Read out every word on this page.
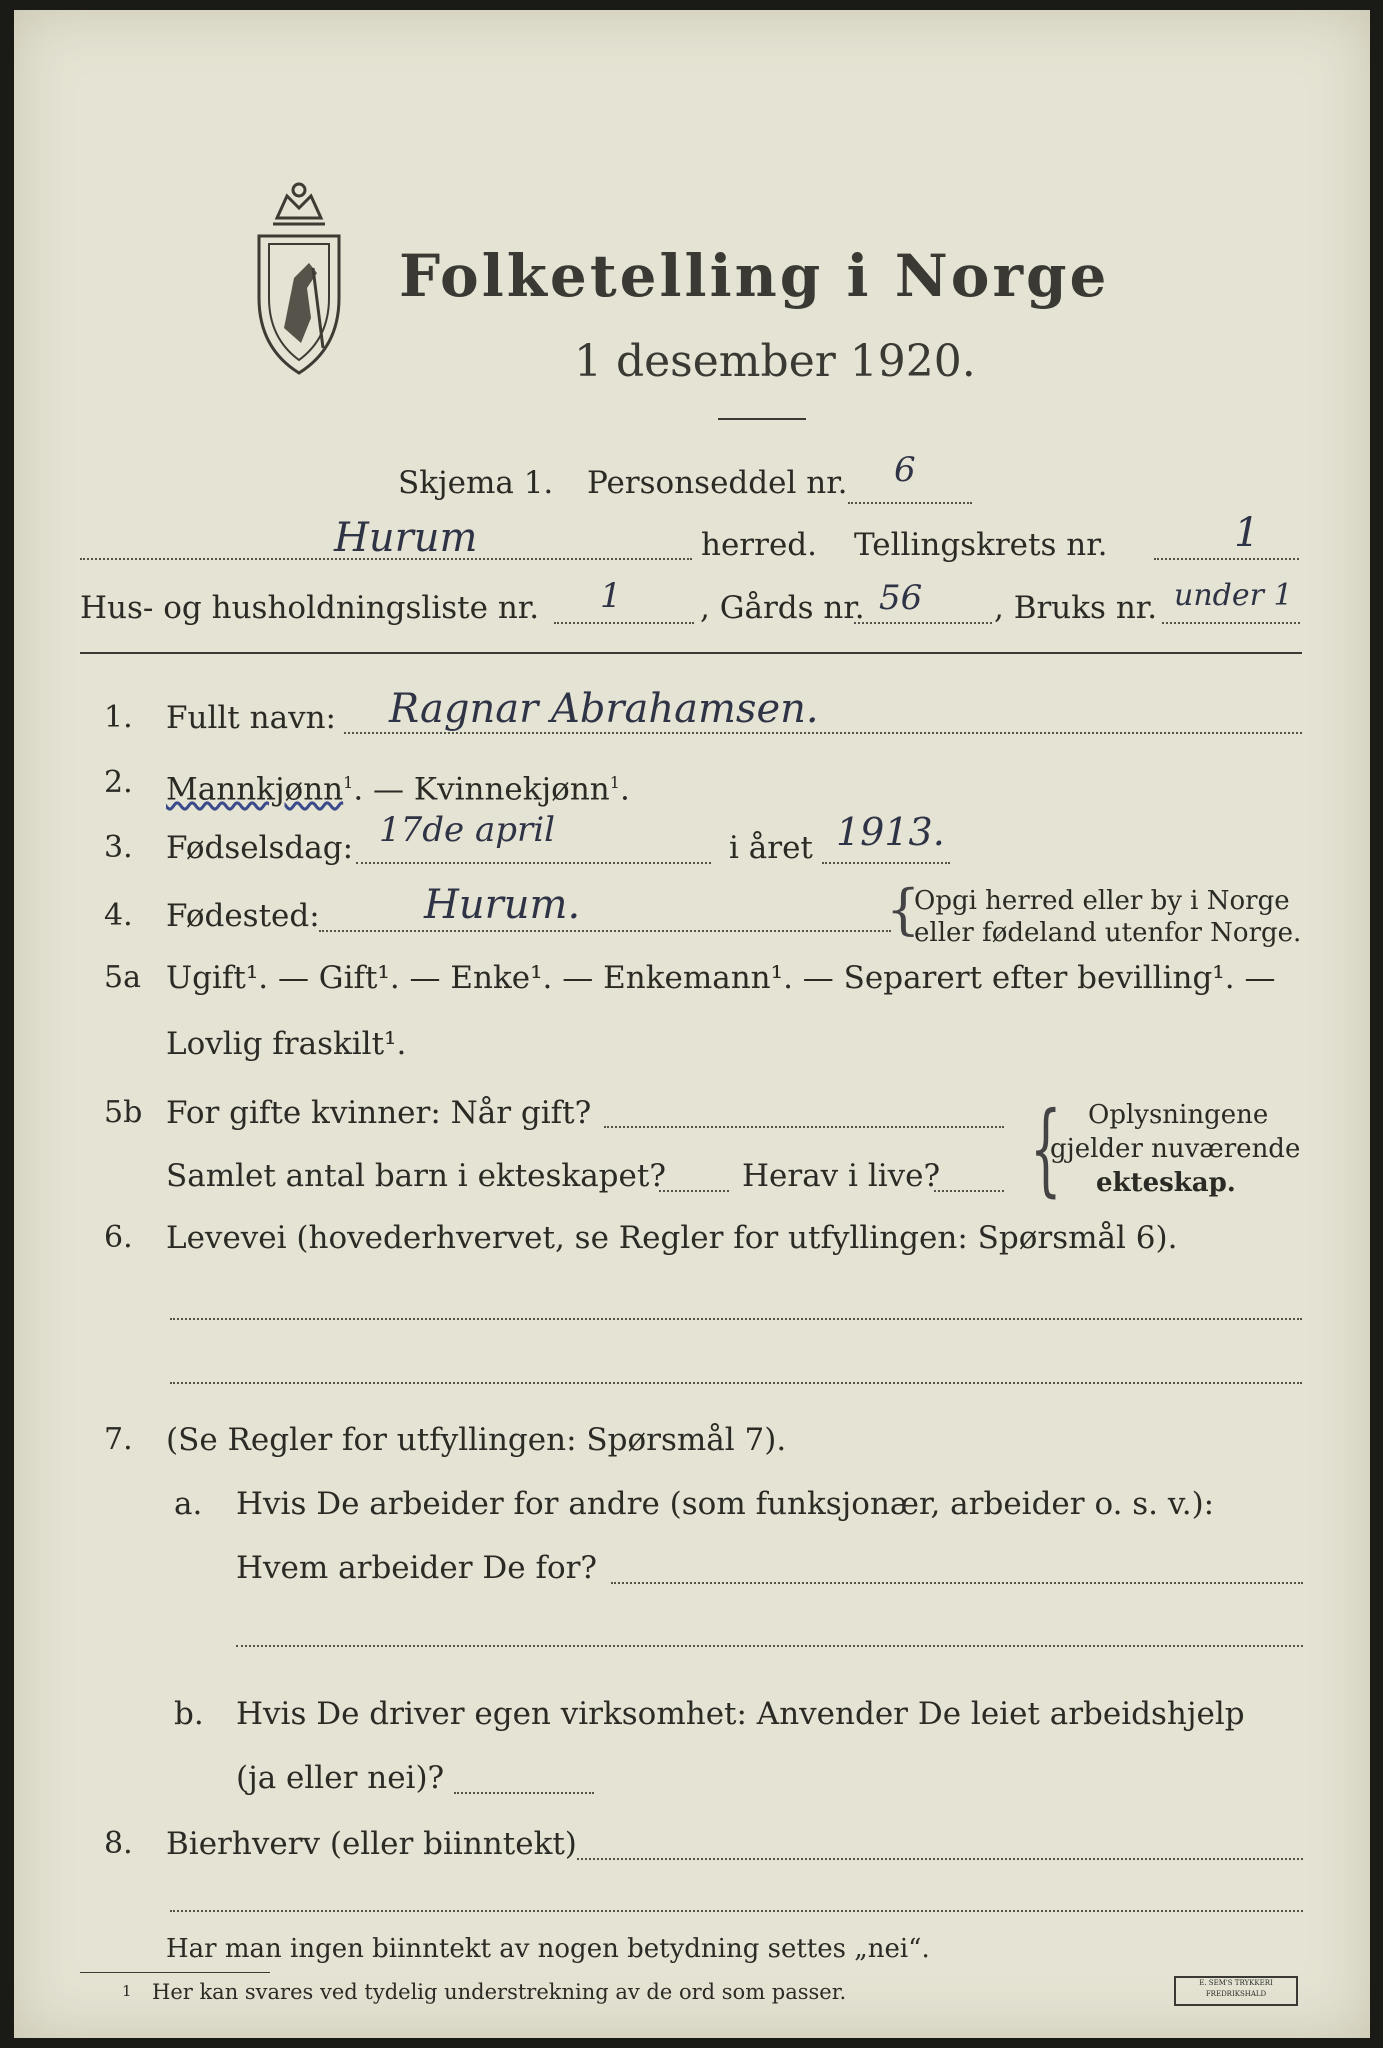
Folketelling i Norge
1 desember 1920.
Skjema 1. Personseddel nr. 6
Hurum	herred. Tellingskrets nr.	1
Hus- og husholdningsliste nr. 1	, Gårds nr. 56 , Bruks nr. under 1
1. Fullt navn: Ragnar Abrahamsen.
2. Mannkjønn$^1$. — Kvinnekjønn$^1$.
3. Fødselsdag: 17de april	i året 1913.
4. Fødested:	Hurum.	{
Opgi herred eller by i Norge
eller fødeland utenfor Norge.
5a Ugift¹. — Gift¹. — Enke¹. — Enkemann¹. — Separert efter bevilling¹. —
Lovlig fraskilt¹.
5b For gifte kvinner: Når gift?
Samlet antal barn i ekteskapet? Herav i live? { Oplysningene
gjelder nuværende
ekteskap.
6. Levevei (hovederhvervet, se Regler for utfyllingen: Spørsmål 6).
7. (Se Regler for utfyllingen: Spørsmål 7).
a. Hvis De arbeider for andre (som funksjonær, arbeider o. s. v.):
Hvem arbeider De for?
b. Hvis De driver egen virksomhet: Anvender De leiet arbeidshjelp
(ja eller nei)?
8. Bierhverv (eller biinntekt)
Har man ingen biinntekt av nogen betydning settes „nei“.
1 Her kan svares ved tydelig understrekning av de ord som passer.	E. SEM'S TRYKKERI FREDRIKSHALD
